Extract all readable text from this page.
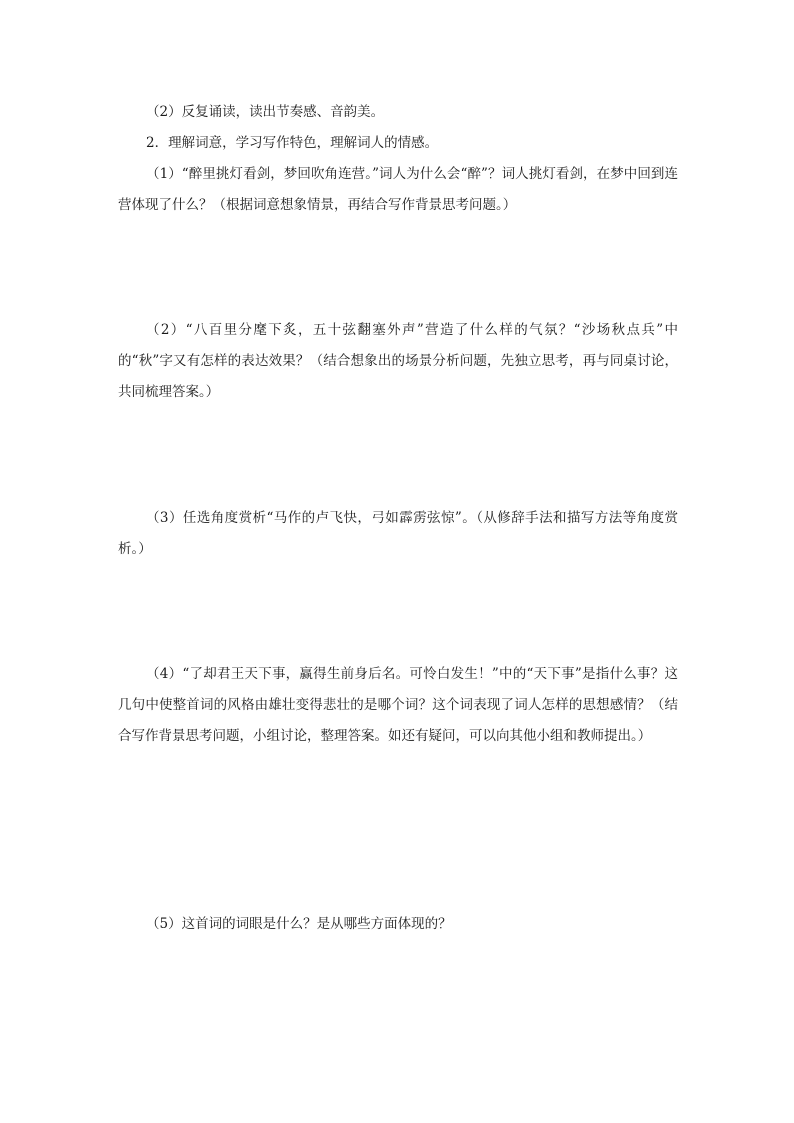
（2）反复诵读，读出节奏感、音韵美。

2．理解词意，学习写作特色，理解词人的情感。

（1）“醉里挑灯看剑，梦回吹角连营。”词人为什么会“醉”？词人挑灯看剑，在梦中回到连营体现了什么？（根据词意想象情景，再结合写作背景思考问题。）

（2）“八百里分麾下炙，五十弦翻塞外声”营造了什么样的气氛？“沙场秋点兵”中的“秋”字又有怎样的表达效果？（结合想象出的场景分析问题，先独立思考，再与同桌讨论，共同梳理答案。）

（3）任选角度赏析“马作的卢飞快，弓如霹雳弦惊”。（从修辞手法和描写方法等角度赏析。）

（4）“了却君王天下事，赢得生前身后名。可怜白发生！”中的“天下事”是指什么事？这几句中使整首词的风格由雄壮变得悲壮的是哪个词？这个词表现了词人怎样的思想感情？（结合写作背景思考问题，小组讨论，整理答案。如还有疑问，可以向其他小组和教师提出。）

（5）这首词的词眼是什么？是从哪些方面体现的？
